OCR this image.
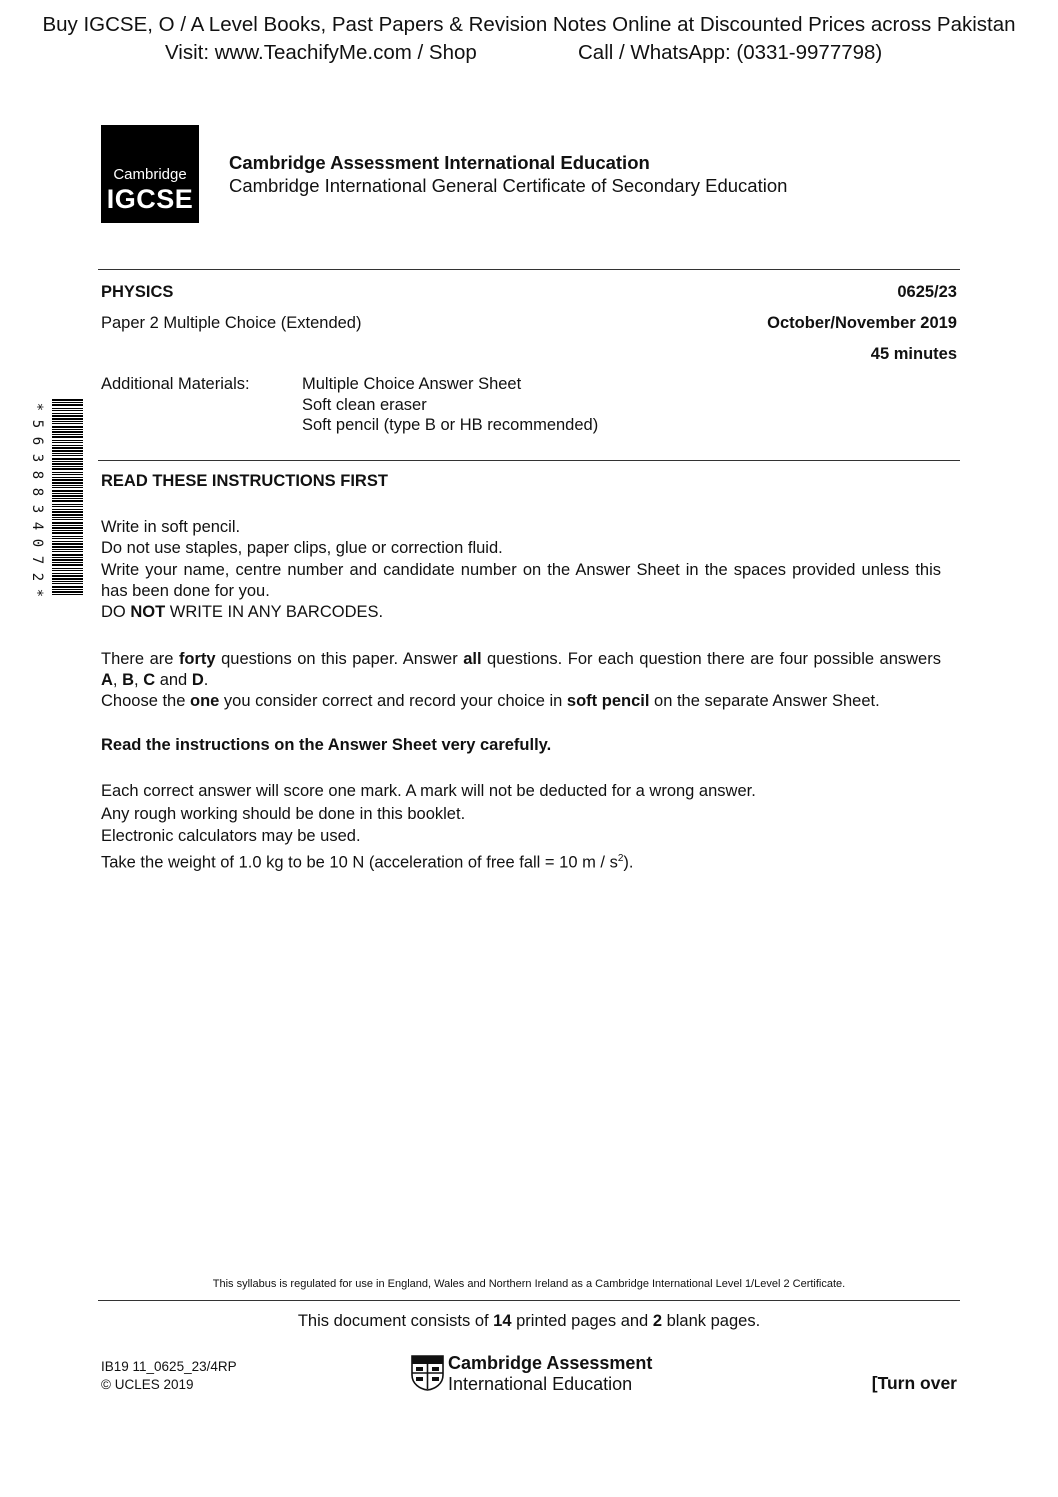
Buy IGCSE, O / A Level Books, Past Papers & Revision Notes Online at Discounted Prices across Pakistan
Visit: www.TeachifyMe.com / Shop	Call / WhatsApp: (0331-9977798)
Cambridge
IGCSE
Cambridge Assessment International Education
Cambridge International General Certificate of Secondary Education
PHYSICS	0625/23
Paper 2 Multiple Choice (Extended)	October/November 2019
45 minutes
Additional Materials:	Multiple Choice Answer Sheet
Soft clean eraser
Soft pencil (type B or HB recommended)
*
5
6
3
8
8
3
4
0
7
2
*
READ THESE INSTRUCTIONS FIRST
Write in soft pencil.
Do not use staples, paper clips, glue or correction fluid.
Write your name, centre number and candidate number on the Answer Sheet in the spaces provided unless this has been done for you.
DO NOT WRITE IN ANY BARCODES.
There are forty questions on this paper. Answer all questions. For each question there are four possible answers A, B, C and D.
Choose the one you consider correct and record your choice in soft pencil on the separate Answer Sheet.
Read the instructions on the Answer Sheet very carefully.
Each correct answer will score one mark. A mark will not be deducted for a wrong answer.
Any rough working should be done in this booklet.
Electronic calculators may be used.
Take the weight of 1.0 kg to be 10 N (acceleration of free fall = 10 m / $s^2$).
This syllabus is regulated for use in England, Wales and Northern Ireland as a Cambridge International Level 1/Level 2 Certificate.
This document consists of 14 printed pages and 2 blank pages.
IB19 11_0625_23/4RP
© UCLES 2019
Cambridge Assessment
International Education	[Turn over
